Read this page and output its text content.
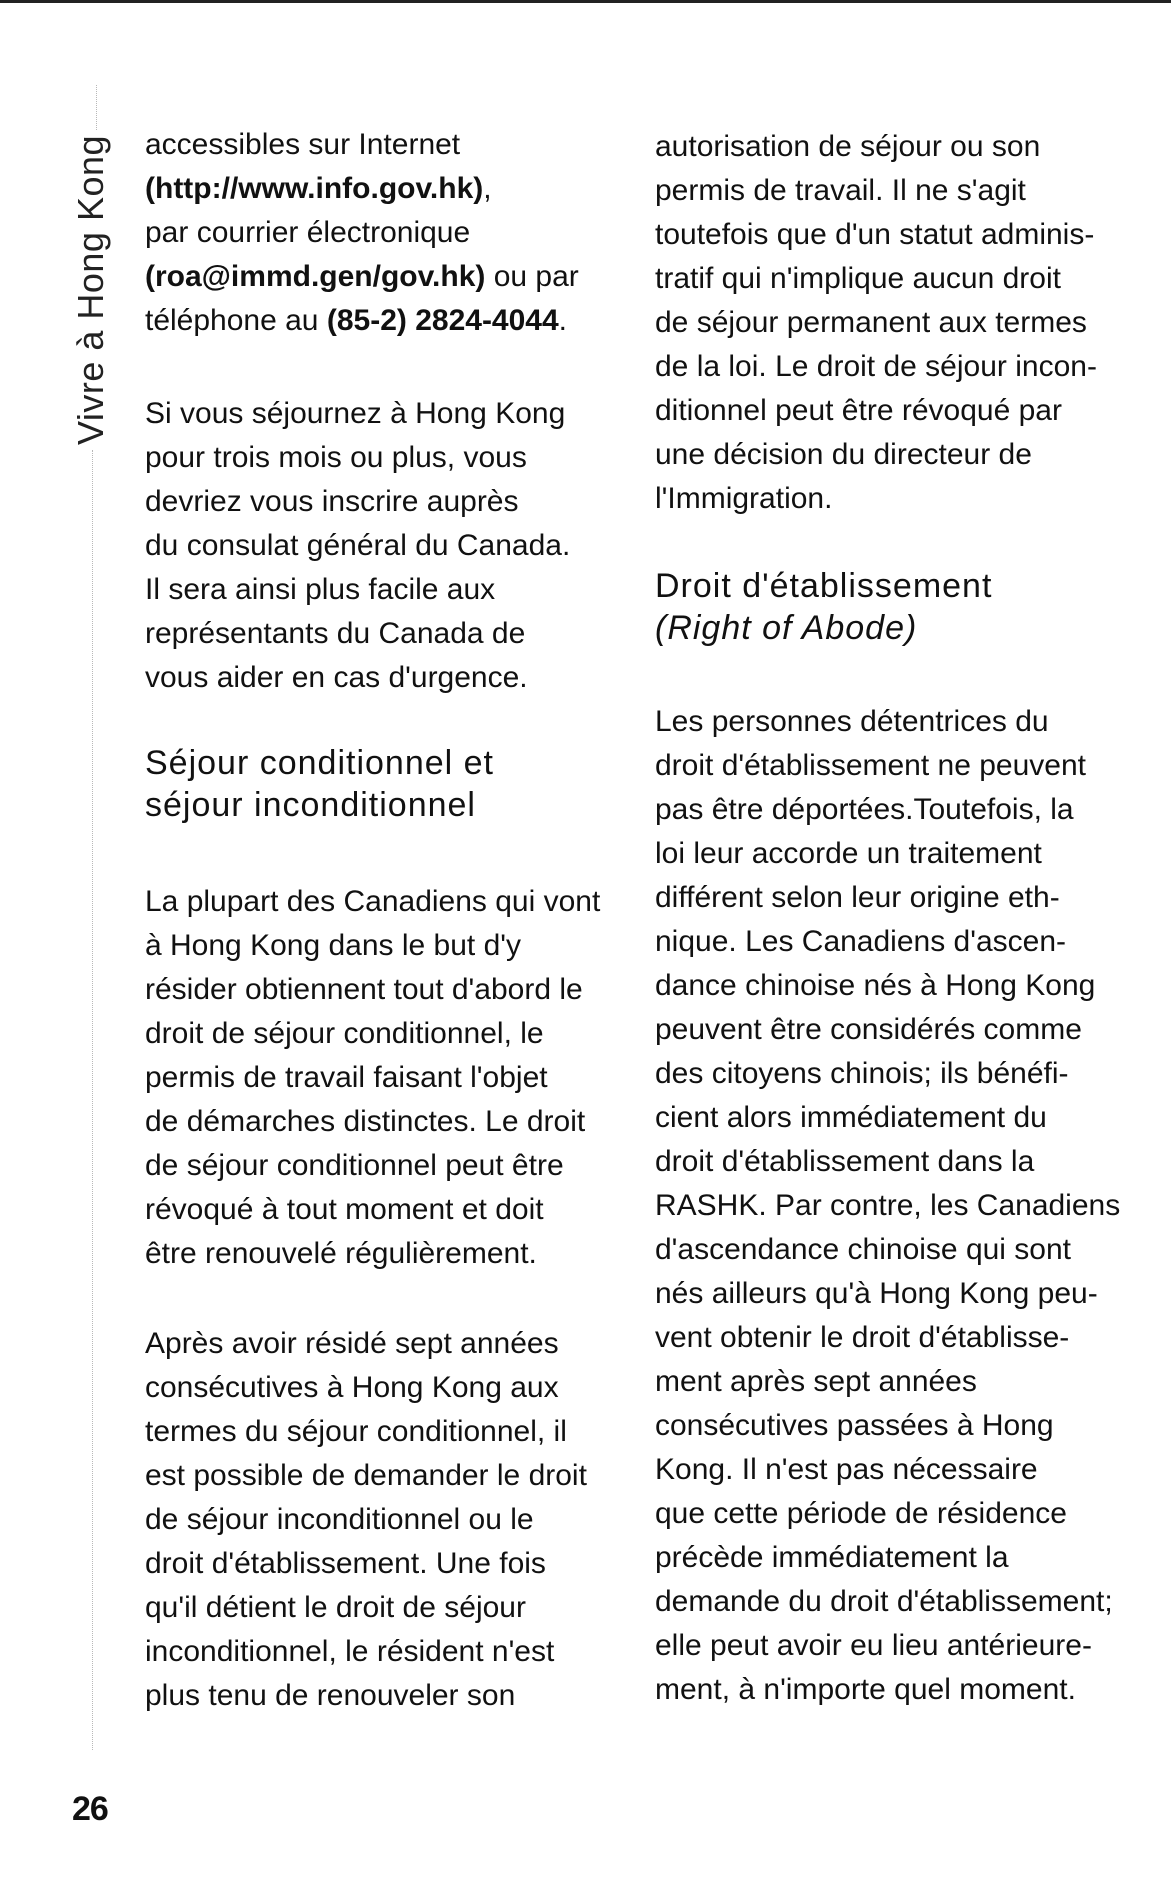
Vivre à Hong Kong accessibles sur Internet
(http://www.info.gov.hk),
par courrier électronique
(roa@immd.gen/gov.hk) ou par
téléphone au (85-2) 2824-4044.

Si vous séjournez à Hong Kong
pour trois mois ou plus, vous
devriez vous inscrire auprès
du consulat général du Canada.
Il sera ainsi plus facile aux
représentants du Canada de
vous aider en cas d'urgence.

Séjour conditionnel et
séjour inconditionnel

La plupart des Canadiens qui vont
à Hong Kong dans le but d'y
résider obtiennent tout d'abord le
droit de séjour conditionnel, le
permis de travail faisant l'objet
de démarches distinctes. Le droit
de séjour conditionnel peut être
révoqué à tout moment et doit
être renouvelé régulièrement.

Après avoir résidé sept années
consécutives à Hong Kong aux
termes du séjour conditionnel, il
est possible de demander le droit
de séjour inconditionnel ou le
droit d'établissement. Une fois
qu'il détient le droit de séjour
inconditionnel, le résident n'est
plus tenu de renouveler son

autorisation de séjour ou son
permis de travail. Il ne s'agit
toutefois que d'un statut adminis-
tratif qui n'implique aucun droit
de séjour permanent aux termes
de la loi. Le droit de séjour incon-
ditionnel peut être révoqué par
une décision du directeur de
l'Immigration.

Droit d'établissement
(Right of Abode)

Les personnes détentrices du
droit d'établissement ne peuvent
pas être déportées.Toutefois, la
loi leur accorde un traitement
différent selon leur origine eth-
nique. Les Canadiens d'ascen-
dance chinoise nés à Hong Kong
peuvent être considérés comme
des citoyens chinois; ils bénéfi-
cient alors immédiatement du
droit d'établissement dans la
RASHK. Par contre, les Canadiens
d'ascendance chinoise qui sont
nés ailleurs qu'à Hong Kong peu-
vent obtenir le droit d'établisse-
ment après sept années
consécutives passées à Hong
Kong. Il n'est pas nécessaire
que cette période de résidence
précède immédiatement la
demande du droit d'établissement;
elle peut avoir eu lieu antérieure-
ment, à n'importe quel moment.

26
